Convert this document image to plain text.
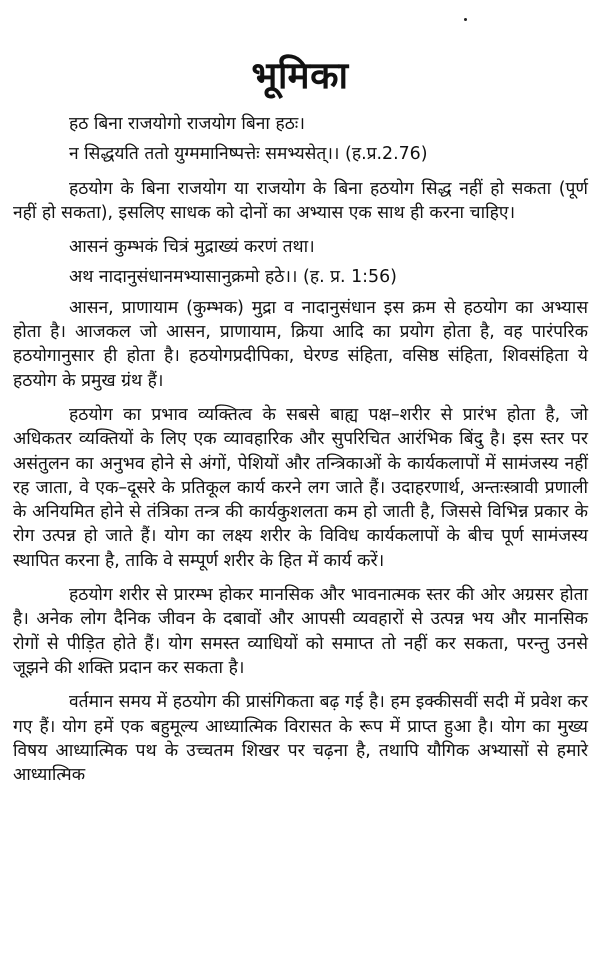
भूमिका

हठ बिना राजयोगो राजयोग बिना हठः।

न सिद्धयति ततो युग्ममानिष्पत्तेः समभ्यसेत्।। (ह.प्र.2.76)

हठयोग के बिना राजयोग या राजयोग के बिना हठयोग सिद्ध नहीं हो सकता (पूर्ण नहीं हो सकता), इसलिए साधक को दोनों का अभ्यास एक साथ ही करना चाहिए।

आसनं कुम्भकं चित्रं मुद्राख्यं करणं तथा।

अथ नादानुसंधानमभ्यासानुक्रमो हठे।। (ह. प्र. 1:56)

आसन, प्राणायाम (कुम्भक) मुद्रा व नादानुसंधान इस क्रम से हठयोग का अभ्यास होता है। आजकल जो आसन, प्राणायाम, क्रिया आदि का प्रयोग होता है, वह पारंपरिक हठयोगानुसार ही होता है। हठयोगप्रदीपिका, घेरण्ड संहिता, वसिष्ठ संहिता, शिवसंहिता ये हठयोग के प्रमुख ग्रंथ हैं।

हठयोग का प्रभाव व्यक्तित्व के सबसे बाह्य पक्ष–शरीर से प्रारंभ होता है, जो अधिकतर व्यक्तियों के लिए एक व्यावहारिक और सुपरिचित आरंभिक बिंदु है। इस स्तर पर असंतुलन का अनुभव होने से अंगों, पेशियों और तन्त्रिकाओं के कार्यकलापों में सामंजस्य नहीं रह जाता, वे एक–दूसरे के प्रतिकूल कार्य करने लग जाते हैं। उदाहरणार्थ, अन्तःस्त्रावी प्रणाली के अनियमित होने से तंत्रिका तन्त्र की कार्यकुशलता कम हो जाती है, जिससे विभिन्न प्रकार के रोग उत्पन्न हो जाते हैं। योग का लक्ष्य शरीर के विविध कार्यकलापों के बीच पूर्ण सामंजस्य स्थापित करना है, ताकि वे सम्पूर्ण शरीर के हित में कार्य करें।

हठयोग शरीर से प्रारम्भ होकर मानसिक और भावनात्मक स्तर की ओर अग्रसर होता है। अनेक लोग दैनिक जीवन के दबावों और आपसी व्यवहारों से उत्पन्न भय और मानसिक रोगों से पीड़ित होते हैं। योग समस्त व्याधियों को समाप्त तो नहीं कर सकता, परन्तु उनसे जूझने की शक्ति प्रदान कर सकता है।

वर्तमान समय में हठयोग की प्रासंगिकता बढ़ गई है। हम इक्कीसवीं सदी में प्रवेश कर गए हैं। योग हमें एक बहुमूल्य आध्यात्मिक विरासत के रूप में प्राप्त हुआ है। योग का मुख्य विषय आध्यात्मिक पथ के उच्चतम शिखर पर चढ़ना है, तथापि यौगिक अभ्यासों से हमारे आध्यात्मिक
